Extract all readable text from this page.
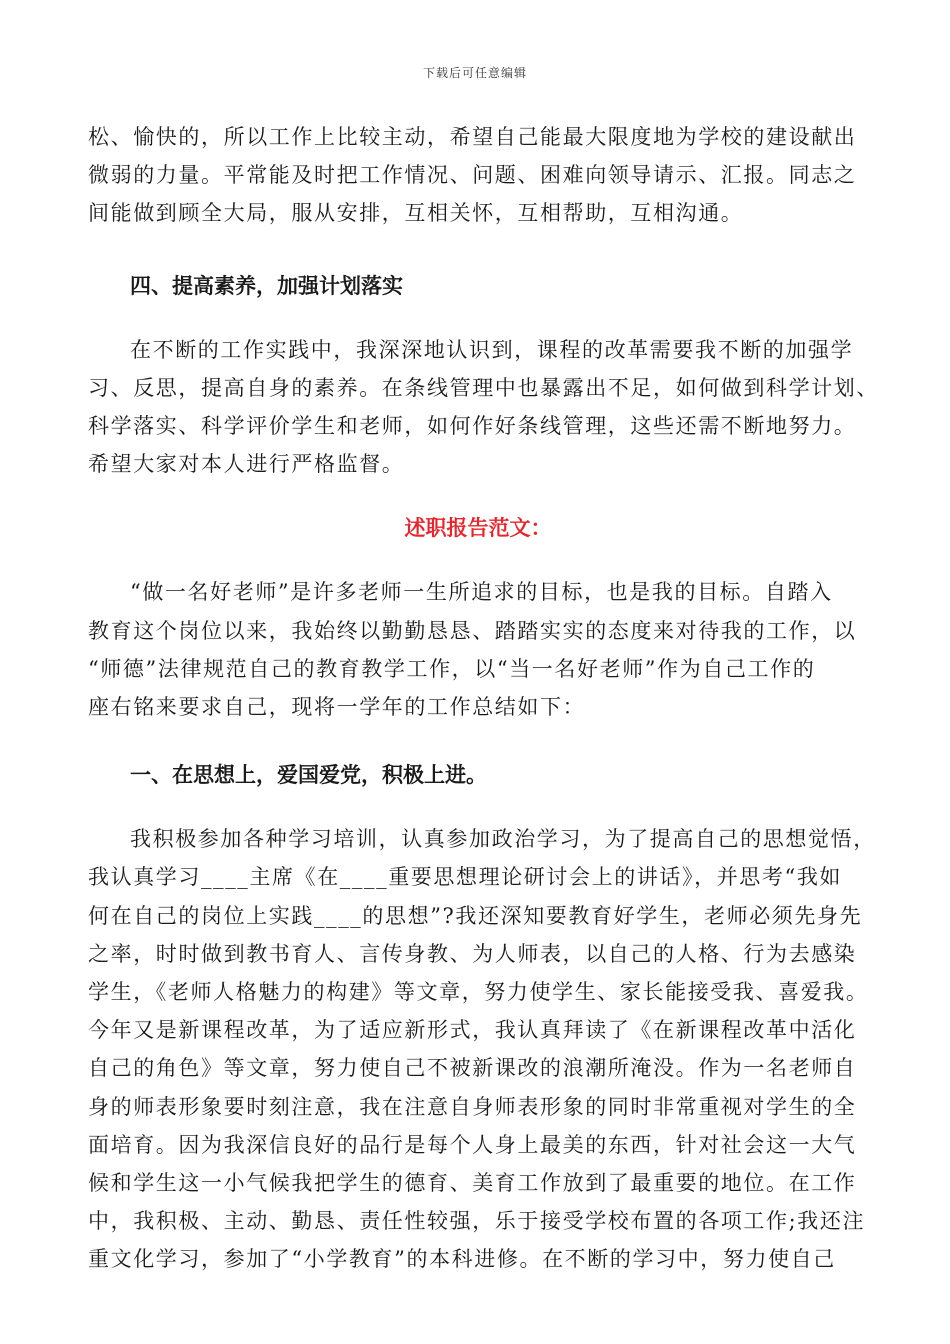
下载后可任意编辑
松、愉快的，所以工作上比较主动，希望自己能最大限度地为学校的建设献出
微弱的力量。平常能及时把工作情况、问题、困难向领导请示、汇报。同志之
间能做到顾全大局，服从安排，互相关怀，互相帮助，互相沟通。
四、提高素养，加强计划落实
在不断的工作实践中，我深深地认识到，课程的改革需要我不断的加强学
习、反思，提高自身的素养。在条线管理中也暴露出不足，如何做到科学计划、
科学落实、科学评价学生和老师，如何作好条线管理，这些还需不断地努力。
希望大家对本人进行严格监督。
述职报告范文：
“做一名好老师”是许多老师一生所追求的目标，也是我的目标。自踏入
教育这个岗位以来，我始终以勤勤恳恳、踏踏实实的态度来对待我的工作，以
“师德”法律规范自己的教育教学工作，以“当一名好老师”作为自己工作的
座右铭来要求自己，现将一学年的工作总结如下：
一、在思想上，爱国爱党，积极上进。
我积极参加各种学习培训，认真参加政治学习，为了提高自己的思想觉悟，
我认真学习____主席《在____重要思想理论研讨会上的讲话》，并思考“我如
何在自己的岗位上实践____的思想”?我还深知要教育好学生，老师必须先身先
之率，时时做到教书育人、言传身教、为人师表，以自己的人格、行为去感染
学生，《老师人格魅力的构建》等文章，努力使学生、家长能接受我、喜爱我。
今年又是新课程改革，为了适应新形式，我认真拜读了《在新课程改革中活化
自己的角色》等文章，努力使自己不被新课改的浪潮所淹没。作为一名老师自
身的师表形象要时刻注意，我在注意自身师表形象的同时非常重视对学生的全
面培育。因为我深信良好的品行是每个人身上最美的东西，针对社会这一大气
候和学生这一小气候我把学生的德育、美育工作放到了最重要的地位。在工作
中，我积极、主动、勤恳、责任性较强，乐于接受学校布置的各项工作;我还注
重文化学习，参加了“小学教育”的本科进修。在不断的学习中，努力使自己
